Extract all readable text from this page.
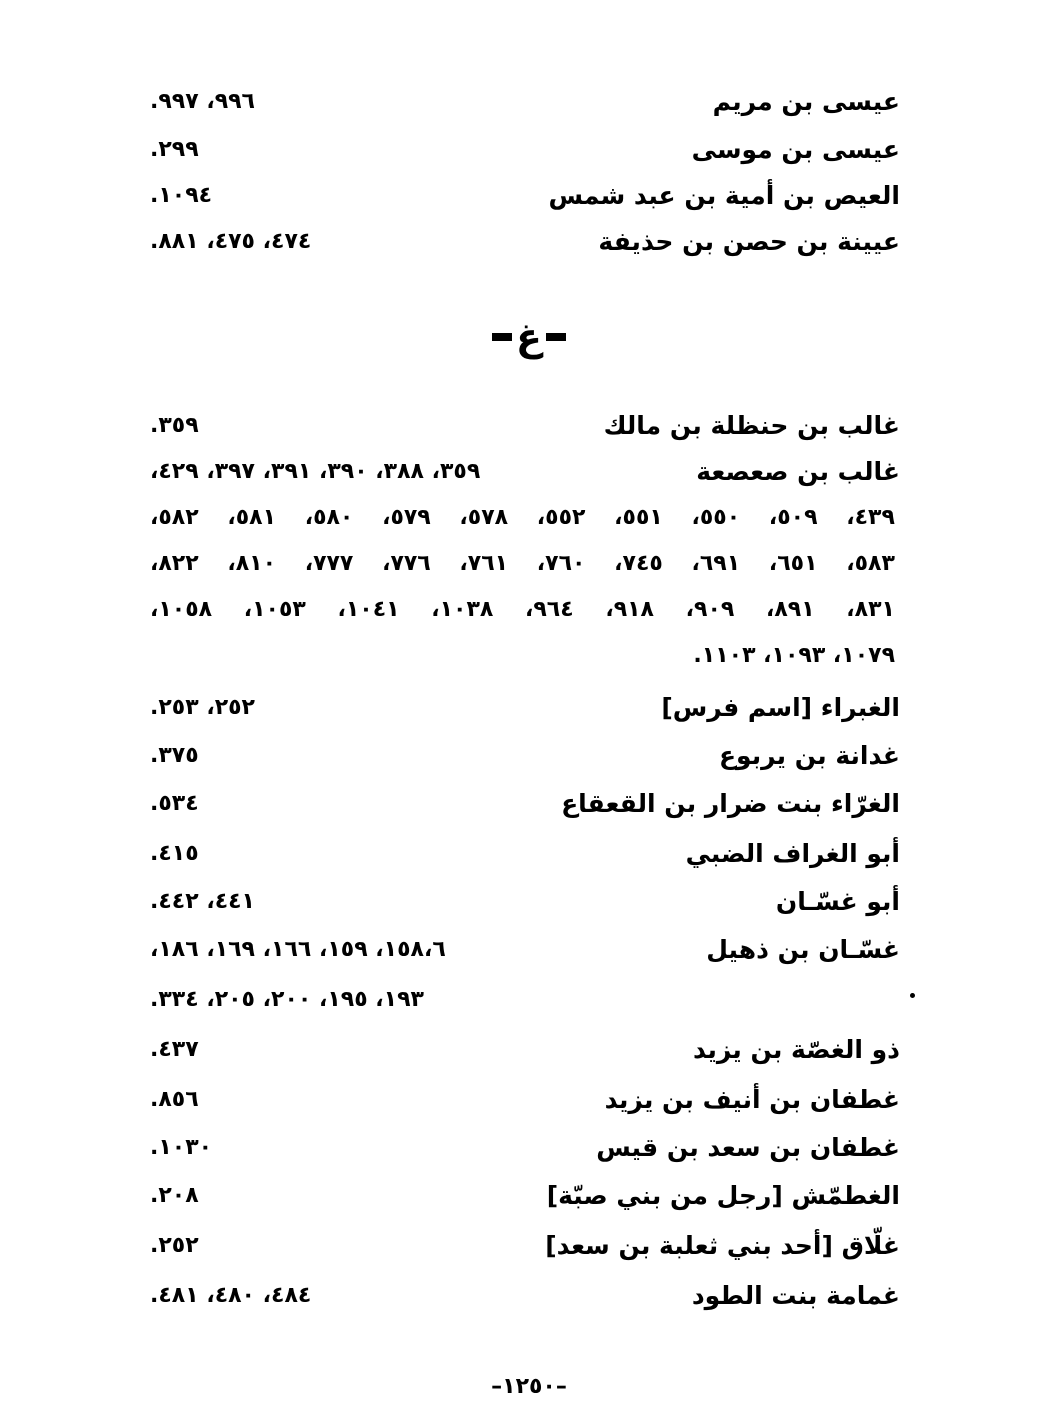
عيسى بن مريم
٩٩٦، ٩٩٧.
عيسى بن موسى
٢٩٩.
العيص بن أمية بن عبد شمس
١٠٩٤.
عيينة بن حصن بن حذيفة
٤٧٤، ٤٧٥، ٨٨١.
غ
غالب بن حنظلة بن مالك
٣٥٩.
غالب بن صعصعة
٣٥٩، ٣٨٨، ٣٩٠، ٣٩١، ٣٩٧، ٤٢٩،
٤٣٩، ٥٠٩، ٥٥٠، ٥٥١، ٥٥٢، ٥٧٨، ٥٧٩، ٥٨٠، ٥٨١، ٥٨٢،
٥٨٣، ٦٥١، ٦٩١، ٧٤٥، ٧٦٠، ٧٦١، ٧٧٦، ٧٧٧، ٨١٠، ٨٢٢،
٨٣١، ٨٩١، ٩٠٩، ٩١٨، ٩٦٤، ١٠٣٨، ١٠٤١، ١٠٥٣، ١٠٥٨،
١٠٧٩، ١٠٩٣، ١١٠٣.
الغبراء [اسم فرس]
٢٥٢، ٢٥٣.
غدانة بن يربوع
٣٧٥.
الغرّاء بنت ضرار بن القعقاع
٥٣٤.
أبو الغراف الضبي
٤١٥.
أبو غسّـان
٤٤١، ٤٤٢.
غسّـان بن ذهيل
١٥٨،٦، ١٥٩، ١٦٦، ١٦٩، ١٨٦،
١٩٣، ١٩٥، ٢٠٠، ٢٠٥، ٣٣٤.
ذو الغصّة بن يزيد
٤٣٧.
غطفان بن أنيف بن يزيد
٨٥٦.
غطفان بن سعد بن قيس
١٠٣٠.
الغطمّش [رجل من بني صبّة]
٢٠٨.
غلّاق [أحد بني ثعلبة بن سعد]
٢٥٢.
غمامة بنت الطود
٤٨٤، ٤٨٠، ٤٨١.
–١٢٥٠–
